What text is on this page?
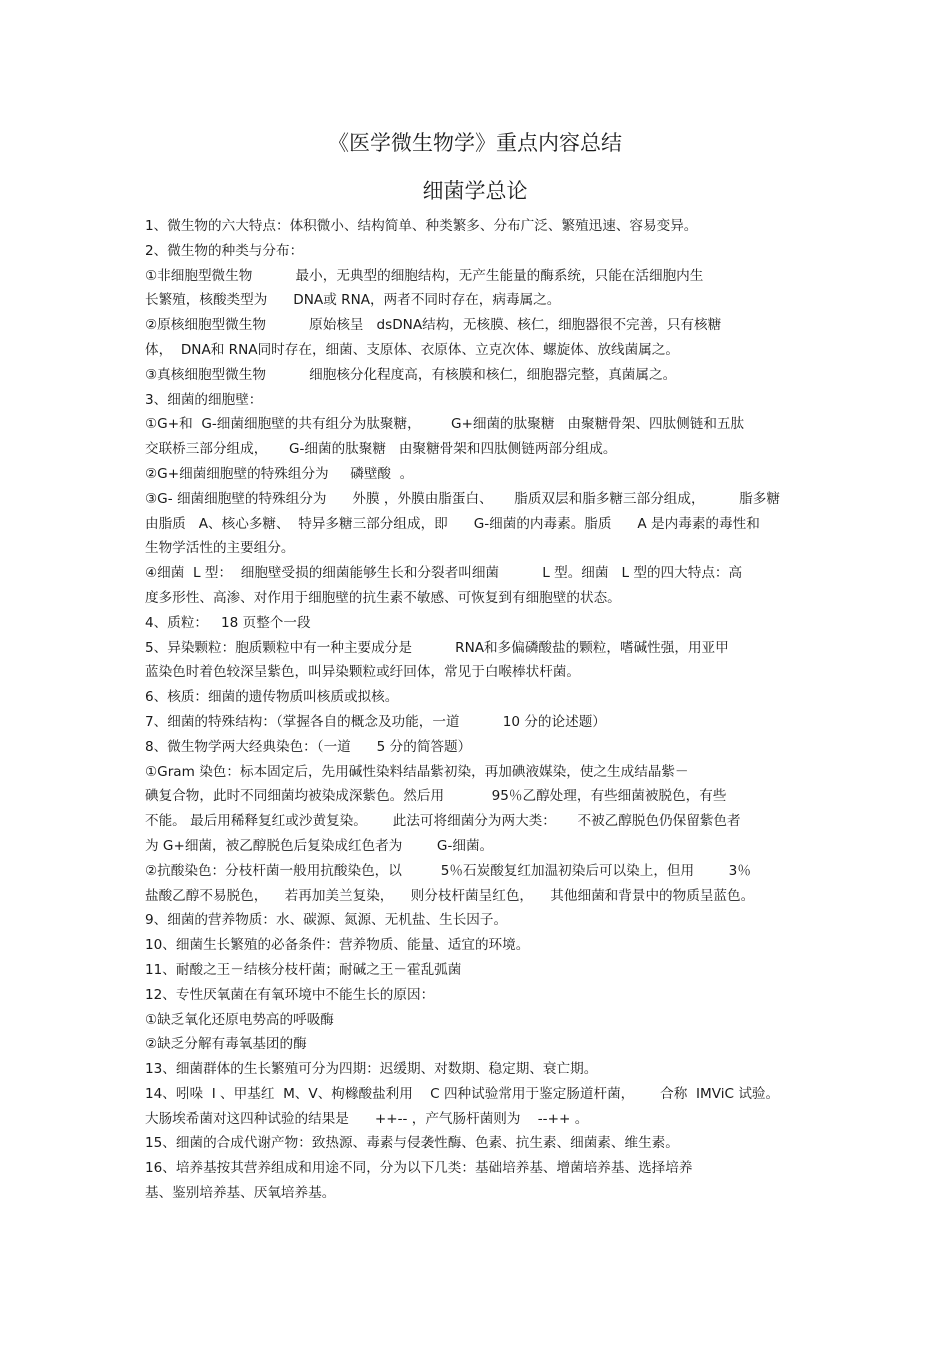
《医学微生物学》重点内容总结
细菌学总论
1、微生物的六大特点：体积微小、结构简单、种类繁多、分布广泛、繁殖迅速、容易变异。
2、微生物的种类与分布：
①非细胞型微生物          最小，无典型的细胞结构，无产生能量的酶系统，只能在活细胞内生
长繁殖，核酸类型为      DNA或 RNA，两者不同时存在，病毒属之。
②原核细胞型微生物          原始核呈   dsDNA结构，无核膜、核仁，细胞器很不完善，只有核糖
体，  DNA和 RNA同时存在，细菌、支原体、衣原体、立克次体、螺旋体、放线菌属之。
③真核细胞型微生物          细胞核分化程度高，有核膜和核仁，细胞器完整，真菌属之。
3、细菌的细胞壁：
①G+和  G-细菌细胞壁的共有组分为肽聚糖，       G+细菌的肽聚糖   由聚糖骨架、四肽侧链和五肽
交联桥三部分组成，     G-细菌的肽聚糖   由聚糖骨架和四肽侧链两部分组成。
②G+细菌细胞壁的特殊组分为     磷壁酸  。
③G- 细菌细胞壁的特殊组分为      外膜 ，外膜由脂蛋白、     脂质双层和脂多糖三部分组成，        脂多糖
由脂质   A、核心多糖、  特异多糖三部分组成，即      G-细菌的内毒素。脂质      A 是内毒素的毒性和
生物学活性的主要组分。
④细菌  L 型：  细胞壁受损的细菌能够生长和分裂者叫细菌          L 型。细菌   L 型的四大特点：高
度多形性、高渗、对作用于细胞壁的抗生素不敏感、可恢复到有细胞壁的状态。
4、质粒：   18 页整个一段
5、异染颗粒：胞质颗粒中有一种主要成分是          RNA和多偏磷酸盐的颗粒，嗜碱性强，用亚甲
蓝染色时着色较深呈紫色，叫异染颗粒或纡回体，常见于白喉棒状杆菌。
6、核质：细菌的遗传物质叫核质或拟核。
7、细菌的特殊结构：（掌握各自的概念及功能，一道          10 分的论述题）
8、微生物学两大经典染色：（一道      5 分的简答题）
①Gram 染色：标本固定后，先用碱性染料结晶紫初染，再加碘液媒染，使之生成结晶紫－
碘复合物，此时不同细菌均被染成深紫色。然后用           95％乙醇处理，有些细菌被脱色，有些
不能。 最后用稀释复红或沙黄复染。      此法可将细菌分为两大类：     不被乙醇脱色仍保留紫色者
为 G+细菌，被乙醇脱色后复染成红色者为        G-细菌。
②抗酸染色：分枝杆菌一般用抗酸染色，以         5％石炭酸复红加温初染后可以染上，但用        3％
盐酸乙醇不易脱色，    若再加美兰复染，    则分枝杆菌呈红色，    其他细菌和背景中的物质呈蓝色。
9、细菌的营养物质：水、碳源、氮源、无机盐、生长因子。
10、细菌生长繁殖的必备条件：营养物质、能量、适宜的环境。
11、耐酸之王－结核分枝杆菌；耐碱之王－霍乱弧菌
12、专性厌氧菌在有氧环境中不能生长的原因：
①缺乏氧化还原电势高的呼吸酶
②缺乏分解有毒氧基团的酶
13、细菌群体的生长繁殖可分为四期：迟缓期、对数期、稳定期、衰亡期。
14、吲哚  I 、甲基红  M、V、枸橼酸盐利用    C 四种试验常用于鉴定肠道杆菌，      合称  IMViC 试验。
大肠埃希菌对这四种试验的结果是      ++-- ，产气肠杆菌则为    --++ 。
15、细菌的合成代谢产物：致热源、毒素与侵袭性酶、色素、抗生素、细菌素、维生素。
16、培养基按其营养组成和用途不同，分为以下几类：基础培养基、增菌培养基、选择培养
基、鉴别培养基、厌氧培养基。
